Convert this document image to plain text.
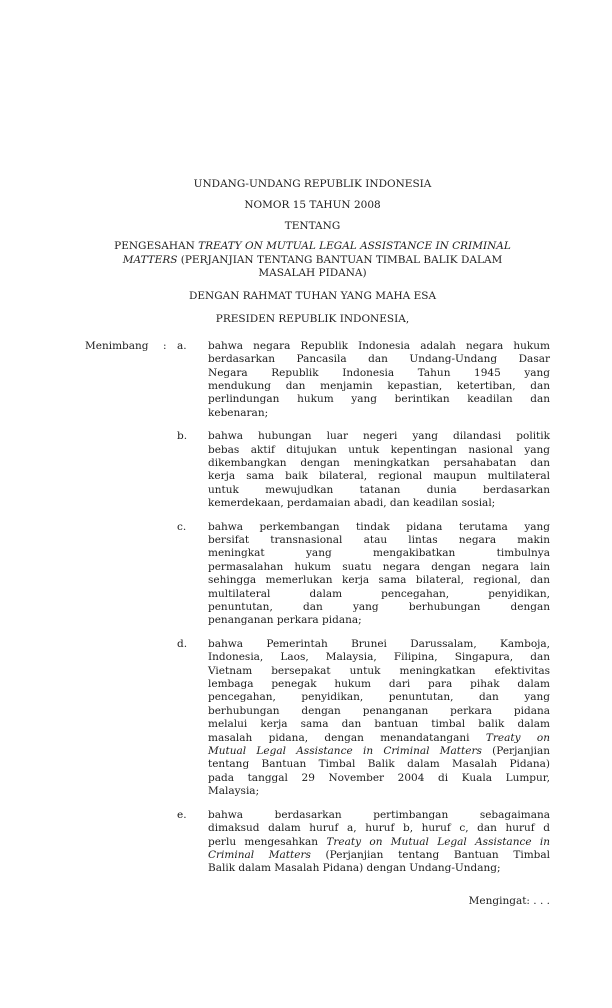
UNDANG-UNDANG REPUBLIK INDONESIA
NOMOR 15 TAHUN 2008
TENTANG
PENGESAHAN TREATY ON MUTUAL LEGAL ASSISTANCE IN CRIMINAL
MATTERS (PERJANJIAN TENTANG BANTUAN TIMBAL BALIK DALAM
MASALAH PIDANA)
DENGAN RAHMAT TUHAN YANG MAHA ESA
PRESIDEN REPUBLIK INDONESIA,
Menimbang	: a.	bahwa negara Republik Indonesia adalah negara hukum
berdasarkan Pancasila dan Undang-Undang Dasar
Negara Republik Indonesia Tahun 1945 yang
mendukung dan menjamin kepastian, ketertiban, dan
perlindungan hukum yang berintikan keadilan dan
kebenaran;
b.	bahwa hubungan luar negeri yang dilandasi politik
bebas aktif ditujukan untuk kepentingan nasional yang
dikembangkan dengan meningkatkan persahabatan dan
kerja sama baik bilateral, regional maupun multilateral
untuk mewujudkan tatanan dunia berdasarkan
kemerdekaan, perdamaian abadi, dan keadilan sosial;
c.	bahwa perkembangan tindak pidana terutama yang
bersifat transnasional atau lintas negara makin
meningkat yang mengakibatkan timbulnya
permasalahan hukum suatu negara dengan negara lain
sehingga memerlukan kerja sama bilateral, regional, dan
multilateral dalam pencegahan, penyidikan,
penuntutan, dan yang berhubungan dengan
penanganan perkara pidana;
d.	bahwa Pemerintah Brunei Darussalam, Kamboja,
Indonesia, Laos, Malaysia, Filipina, Singapura, dan
Vietnam bersepakat untuk meningkatkan efektivitas
lembaga penegak hukum dari para pihak dalam
pencegahan, penyidikan, penuntutan, dan yang
berhubungan dengan penanganan perkara pidana
melalui kerja sama dan bantuan timbal balik dalam
masalah pidana, dengan menandatangani Treaty on
Mutual Legal Assistance in Criminal Matters (Perjanjian
tentang Bantuan Timbal Balik dalam Masalah Pidana)
pada tanggal 29 November 2004 di Kuala Lumpur,
Malaysia;
e.	bahwa berdasarkan pertimbangan sebagaimana
dimaksud dalam huruf a, huruf b, huruf c, dan huruf d
perlu mengesahkan Treaty on Mutual Legal Assistance in
Criminal Matters (Perjanjian tentang Bantuan Timbal
Balik dalam Masalah Pidana) dengan Undang-Undang;
Mengingat: . . .
